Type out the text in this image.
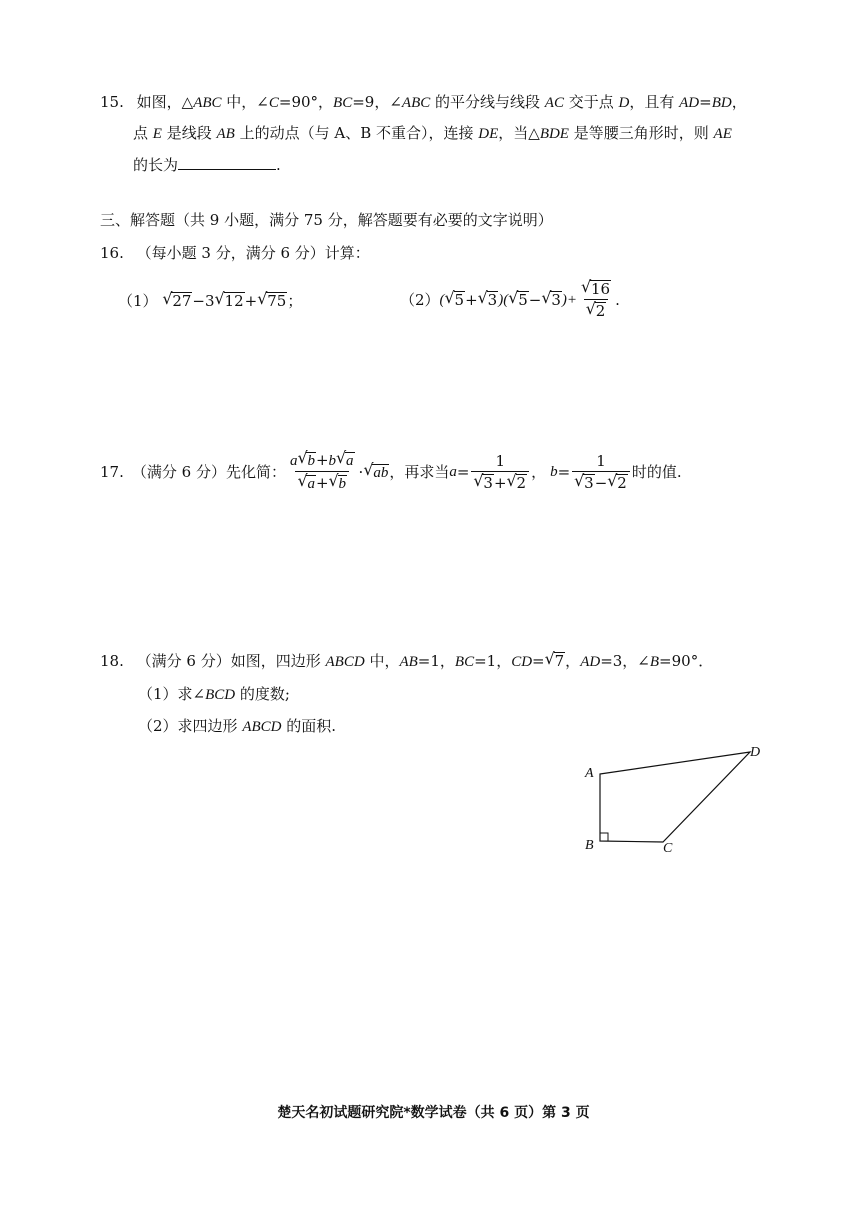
15. 如图，△ABC 中，∠C=90°，BC=9，∠ABC 的平分线与线段 AC 交于点 D，且有 AD=BD，
点 E 是线段 AB 上的动点（与 A、B 不重合），连接 DE，当△BDE 是等腰三角形时，则 AE
的长为	.
三、解答题（共 9 小题，满分 75 分，解答题要有必要的文字说明）
16. （每小题 3 分，满分 6 分）计算：
（1） √ 27−3 √ 12+ √ 75；	（2） ( √ 5 + √ 3 )( √ 5 − √ 3 )+ $\frac{√ 16}{√ 2}$ .
17. （满分 6 分）先化简： $\frac{a √ b+b √ a}{√ a+ √ b}$ · √ ab ，再求当 $a = \frac{1}{√ 3+ √ 2}$ ， $b = \frac{1}{√ 3- √ 2}$ 时的值.
18. （满分 6 分）如图，四边形 ABCD 中，AB=1，BC=1，CD= √ 7，AD=3，∠B=90°．
（1）求∠BCD 的度数;
（2）求四边形 ABCD 的面积.
A
B	C
D
楚天名初试题研究院*数学试卷（共 6 页）第 3 页
